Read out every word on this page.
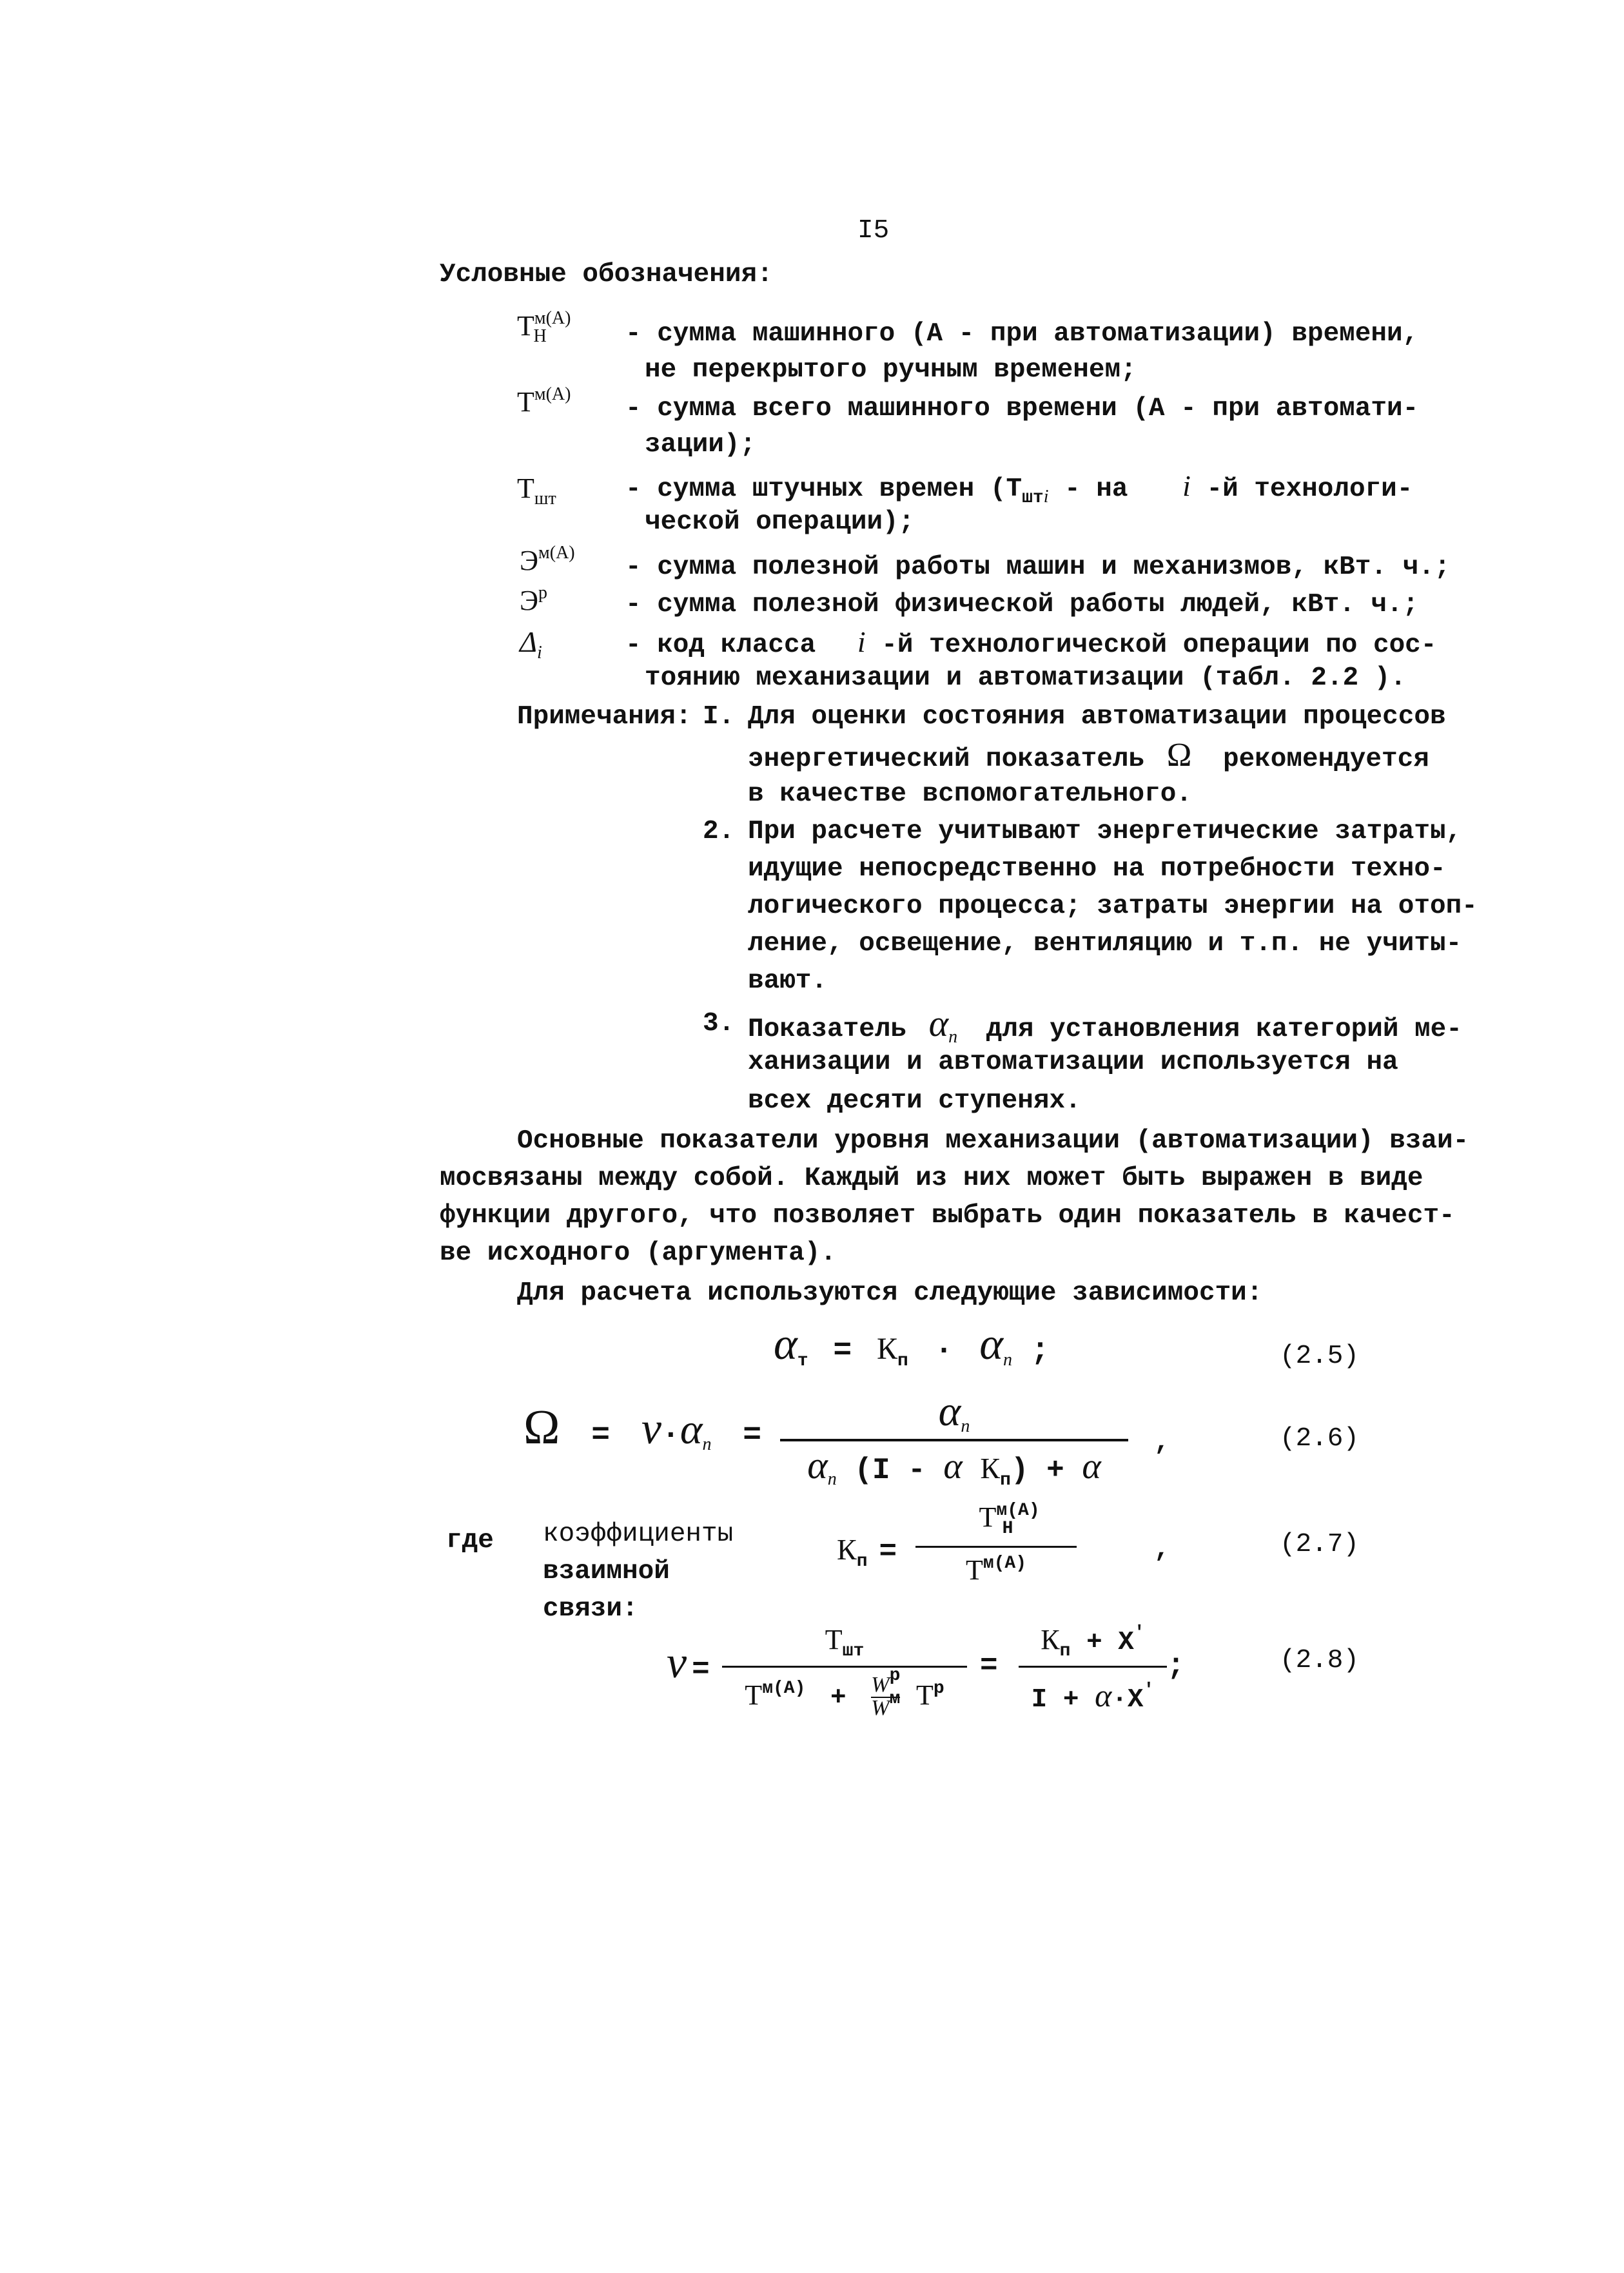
I5
Условные обозначения:
$T^{м(А)}_Н$	- сумма машинного (А - при автоматизации) времени,
не перекрытого ручным временем;
$T^{м(А)}$ - сумма всего машинного времени (А - при автомати-
зации);
$T_{шт}$	- сумма штучных времен ($T_{штi}$ - на i -й технологи-
ческой операции);
$Э^{м(А)}$ - сумма полезной работы машин и механизмов, кВт. ч.;
$Э^р$	- сумма полезной физической работы людей, кВт. ч.;
$\Delta_i$	- код класса i -й технологической операции по сос-
тоянию механизации и автоматизации (табл. 2.2 ).
Примечания: I. Для оценки состояния автоматизации процессов
энергетический показатель Ω рекомендуется
в качестве вспомогательного.
2. При расчете учитывают энергетические затраты,
идущие непосредственно на потребности техно-
логического процесса; затраты энергии на отоп-
ление, освещение, вентиляцию и т.п. не учиты-
вают.
3. Показатель $\alpha_п$ для установления категорий ме-
ханизации и автоматизации используется на
всех десяти ступенях.
Основные показатели уровня механизации (автоматизации) взаи-
мосвязаны между собой. Каждый из них может быть выражен в виде
функции другого, что позволяет выбрать один показатель в качест-
ве исходного (аргумента).
Для расчета используются следующие зависимости:
$\alpha_т = К_п \cdot \alpha_п$ ;	(2.5)
$\Omega = \nu\cdot\alpha_п$ =
$\alpha_п$
$\alpha_п$ (I - α $К_п) + \alpha$
,	(2.6)
где коэффициенты
взаимной
связи:
$К_п$ =
$Т^{м(А)}_Н$
$Т^{м(А)}$	,	(2.7)
ν =
$Т_{шт}$
$Т^{м(А)} + W^р$

$W^м$ $Т^р$
=
$К_п + X'$
I + α·X′
;	(2.8)
